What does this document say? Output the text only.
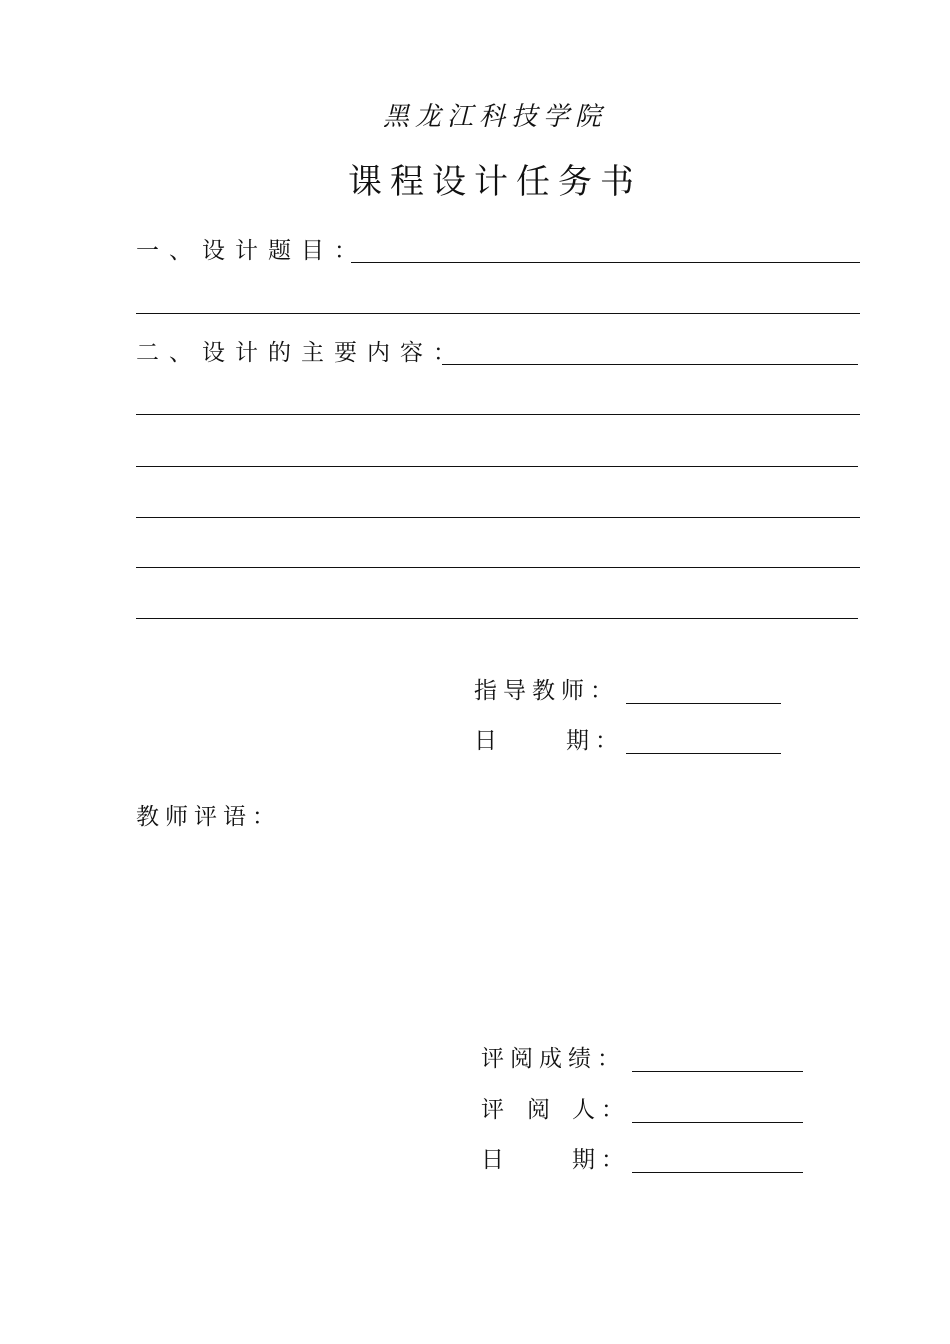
黑龙江科技学院
课程设计任务书
一、设计题目：
二、设计的主要内容：
指导教师：
日	期：
教师评语：
评阅成绩：
评 阅 人：
日	期：
